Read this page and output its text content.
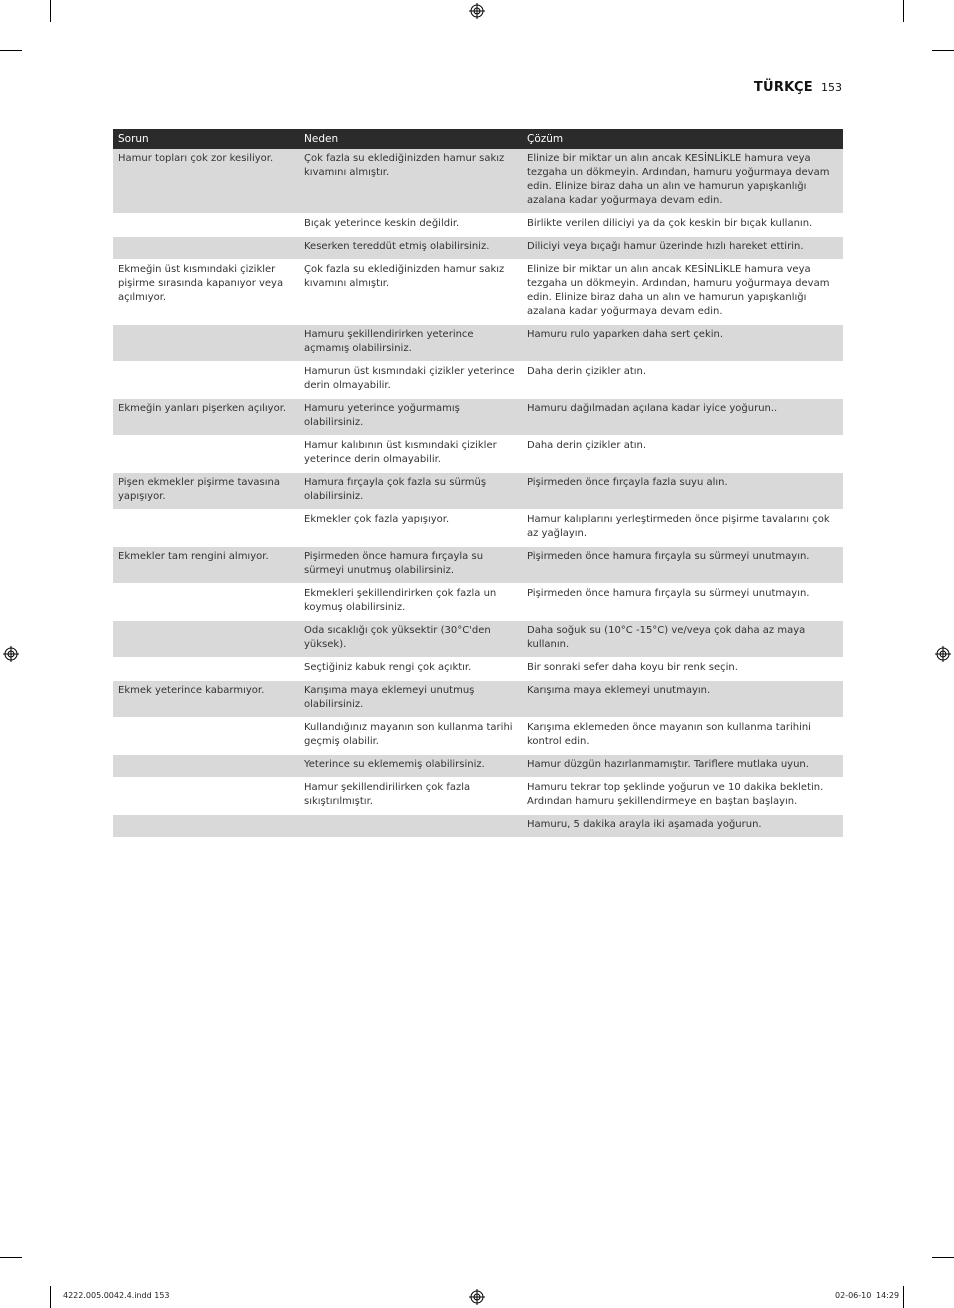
TÜRKÇE 153
Sorun	Neden	Çözüm
Hamur topları çok zor kesiliyor.	Çok fazla su eklediğinizden hamur sakız kıvamını almıştır.	Elinize bir miktar un alın ancak KESİNLİKLE hamura veya tezgaha un dökmeyin. Ardından, hamuru yoğurmaya devam edin. Elinize biraz daha un alın ve hamurun yapışkanlığı azalana kadar yoğurmaya devam edin.
	Bıçak yeterince keskin değildir.	Birlikte verilen diliciyi ya da çok keskin bir bıçak kullanın.
	Keserken tereddüt etmiş olabilirsiniz.	Diliciyi veya bıçağı hamur üzerinde hızlı hareket ettirin.
Ekmeğin üst kısmındaki çizikler pişirme sırasında kapanıyor veya açılmıyor.	Çok fazla su eklediğinizden hamur sakız kıvamını almıştır.	Elinize bir miktar un alın ancak KESİNLİKLE hamura veya tezgaha un dökmeyin. Ardından, hamuru yoğurmaya devam edin. Elinize biraz daha un alın ve hamurun yapışkanlığı azalana kadar yoğurmaya devam edin.
	Hamuru şekillendirirken yeterince açmamış olabilirsiniz.	Hamuru rulo yaparken daha sert çekin.
	Hamurun üst kısmındaki çizikler yeterince derin olmayabilir.	Daha derin çizikler atın.
Ekmeğin yanları pişerken açılıyor.	Hamuru yeterince yoğurmamış olabilirsiniz.	Hamuru dağılmadan açılana kadar iyice yoğurun..
	Hamur kalıbının üst kısmındaki çizikler yeterince derin olmayabilir.	Daha derin çizikler atın.
Pişen ekmekler pişirme tavasına yapışıyor.	Hamura fırçayla çok fazla su sürmüş olabilirsiniz.	Pişirmeden önce fırçayla fazla suyu alın.
	Ekmekler çok fazla yapışıyor.	Hamur kalıplarını yerleştirmeden önce pişirme tavalarını çok az yağlayın.
Ekmekler tam rengini almıyor.	Pişirmeden önce hamura fırçayla su sürmeyi unutmuş olabilirsiniz.	Pişirmeden önce hamura fırçayla su sürmeyi unutmayın.
	Ekmekleri şekillendirirken çok fazla un koymuş olabilirsiniz.	Pişirmeden önce hamura fırçayla su sürmeyi unutmayın.
	Oda sıcaklığı çok yüksektir (30°C'den yüksek).	Daha soğuk su (10°C -15°C) ve/veya çok daha az maya kullanın.
	Seçtiğiniz kabuk rengi çok açıktır.	Bir sonraki sefer daha koyu bir renk seçin.
Ekmek yeterince kabarmıyor.	Karışıma maya eklemeyi unutmuş olabilirsiniz.	Karışıma maya eklemeyi unutmayın.
	Kullandığınız mayanın son kullanma tarihi geçmiş olabilir.	Karışıma eklemeden önce mayanın son kullanma tarihini kontrol edin.
	Yeterince su eklememiş olabilirsiniz.	Hamur düzgün hazırlanmamıştır. Tariflere mutlaka uyun.
	Hamur şekillendirilirken çok fazla sıkıştırılmıştır.	Hamuru tekrar top şeklinde yoğurun ve 10 dakika bekletin. Ardından hamuru şekillendirmeye en baştan başlayın.
		Hamuru, 5 dakika arayla iki aşamada yoğurun.
4222.005.0042.4.indd 153	02-06-10 14:29
